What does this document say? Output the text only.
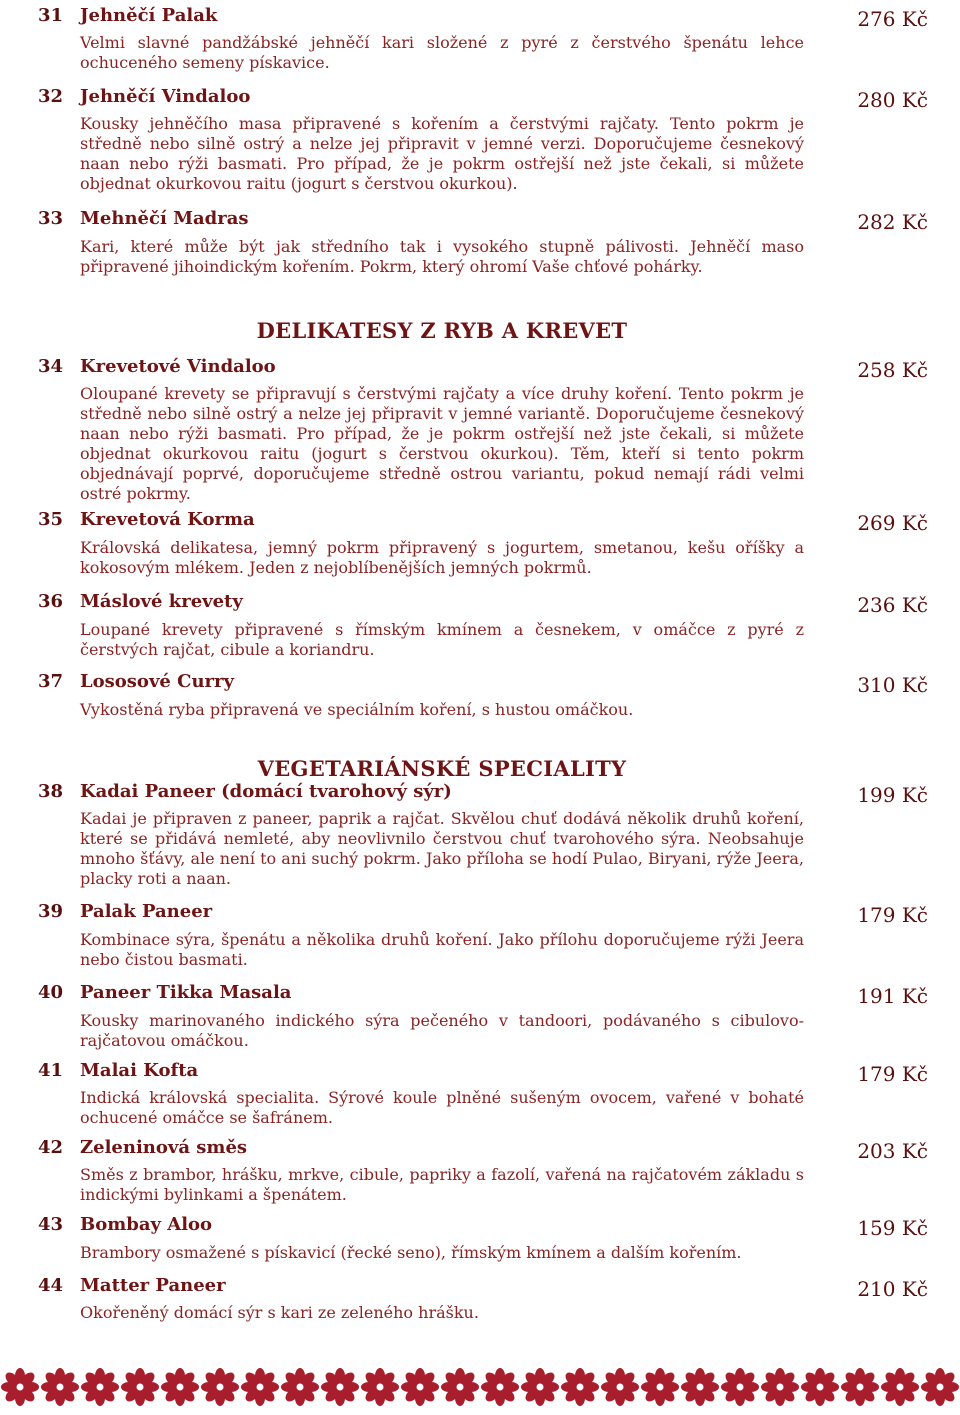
31 Jehněčí Palak	276 Kč

Velmi slavné pandžábské jehněčí kari složené z pyré z čerstvého špenátu lehce ochuceného semeny pískavice.

32 Jehněčí Vindaloo	280 Kč

Kousky jehněčího masa připravené s kořením a čerstvými rajčaty. Tento pokrm je středně nebo silně ostrý a nelze jej připravit v jemné verzi. Doporučujeme česnekový naan nebo rýži basmati. Pro případ, že je pokrm ostřejší než jste čekali, si můžete objednat okurkovou raitu (jogurt s čerstvou okurkou).

33 Mehněčí Madras	282 Kč

Kari, které může být jak středního tak i vysokého stupně pálivosti. Jehněčí maso připravené jihoindickým kořením. Pokrm, který ohromí Vaše chťové pohárky.

DELIKATESY Z RYB A KREVET
34 Krevetové Vindaloo	258 Kč

Oloupané krevety se připravují s čerstvými rajčaty a více druhy koření. Tento pokrm je středně nebo silně ostrý a nelze jej připravit v jemné variantě. Doporučujeme česnekový naan nebo rýži basmati. Pro případ, že je pokrm ostřejší než jste čekali, si můžete objednat okurkovou raitu (jogurt s čerstvou okurkou). Těm, kteří si tento pokrm objednávají poprvé, doporučujeme středně ostrou variantu, pokud nemají rádi velmi ostré pokrmy.

35 Krevetová Korma	269 Kč

Královská delikatesa, jemný pokrm připravený s jogurtem, smetanou, kešu oříšky a kokosovým mlékem. Jeden z nejoblíbenějších jemných pokrmů.

36 Máslové krevety	236 Kč

Loupané krevety připravené s římským kmínem a česnekem, v omáčce z pyré z čerstvých rajčat, cibule a koriandru.

37 Lososové Curry	310 Kč

Vykostěná ryba připravená ve speciálním koření, s hustou omáčkou.

VEGETARIÁNSKÉ SPECIALITY
38 Kadai Paneer (domácí tvarohový sýr)	199 Kč

Kadai je připraven z paneer, paprik a rajčat. Skvělou chuť dodává několik druhů koření, které se přidává nemleté, aby neovlivnilo čerstvou chuť tvarohového sýra. Neobsahuje mnoho šťávy, ale není to ani suchý pokrm. Jako příloha se hodí Pulao, Biryani, rýže Jeera, placky roti a naan.

39 Palak Paneer	179 Kč

Kombinace sýra, špenátu a několika druhů koření. Jako přílohu doporučujeme rýži Jeera nebo čistou basmati.

40 Paneer Tikka Masala	191 Kč

Kousky marinovaného indického sýra pečeného v tandoori, podávaného s cibulovo-rajčatovou omáčkou.

41 Malai Kofta	179 Kč

Indická královská specialita. Sýrové koule plněné sušeným ovocem, vařené v bohaté ochucené omáčce se šafránem.

42 Zeleninová směs	203 Kč

Směs z brambor, hrášku, mrkve, cibule, papriky a fazolí, vařená na rajčatovém základu s indickými bylinkami a špenátem.

43 Bombay Aloo	159 Kč

Brambory osmažené s pískavicí (řecké seno), římským kmínem a dalším kořením.

44 Matter Paneer	210 Kč

Okořeněný domácí sýr s kari ze zeleného hrášku.
